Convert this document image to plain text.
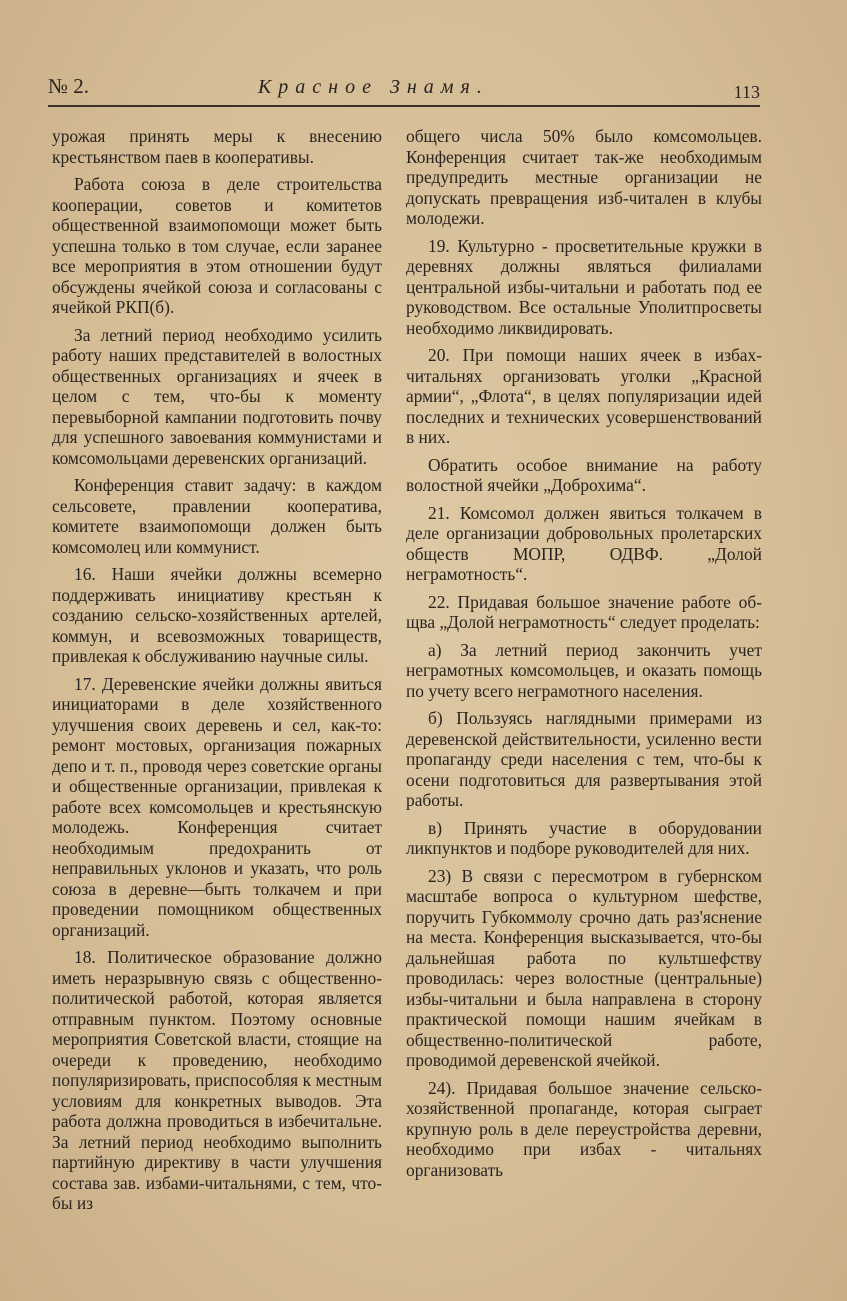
№ 2.	Красное Знамя.	113

урожая принять меры к внесению крестьянством паев в кооперативы.

Работа союза в деле строительства кооперации, советов и комитетов общественной взаимопомощи может быть успешна только в том случае, если заранее все мероприятия в этом отношении будут обсуждены ячейкой союза и согласованы с ячейкой РКП(б).

За летний период необходимо усилить работу наших представителей в волостных общественных организациях и ячеек в целом с тем, что-бы к моменту перевыборной кампании подготовить почву для успешного завоевания коммунистами и комсомольцами деревенских организаций.

Конференция ставит задачу: в каждом сельсовете, правлении кооператива, комитете взаимопомощи должен быть комсомолец или коммунист.

16. Наши ячейки должны всемерно поддерживать инициативу крестьян к созданию сельско-хозяйственных артелей, коммун, и всевозможных товариществ, привлекая к обслуживанию научные силы.

17. Деревенские ячейки должны явиться инициаторами в деле хозяйственного улучшения своих деревень и сел, как-то: ремонт мостовых, организация пожарных депо и т. п., проводя через советские органы и общественные организации, привлекая к работе всех комсомольцев и крестьянскую молодежь. Конференция считает необходимым предохранить от неправильных уклонов и указать, что роль союза в деревне—быть толкачем и при проведении помощником общественных организаций.

18. Политическое образование должно иметь неразрывную связь с общественно-политической работой, которая является отправным пунктом. Поэтому основные мероприятия Советской власти, стоящие на очереди к проведению, необходимо популяризировать, приспособляя к местным условиям для конкретных выводов. Эта работа должна проводиться в избечитальне. За летний период необходимо выполнить партийную директиву в части улучшения состава зав. избами-читальнями, с тем, что-бы из

общего числа 50% было комсомольцев. Конференция считает так-же необходимым предупредить местные организации не допускать превращения изб-читален в клубы молодежи.

19. Культурно - просветительные кружки в деревнях должны являться филиалами центральной избы-читальни и работать под ее руководством. Все остальные Уполитпросветы необходимо ликвидировать.

20. При помощи наших ячеек в избах-читальнях организовать уголки „Красной армии“, „Флота“, в целях популяризации идей последних и технических усовершенствований в них.

Обратить особое внимание на работу волостной ячейки „Доброхима“.

21. Комсомол должен явиться толкачем в деле организации добровольных пролетарских обществ МОПР, ОДВФ. „Долой неграмотность“.

22. Придавая большое значение работе об-щва „Долой неграмотность“ следует проделать:

а) За летний период закончить учет неграмотных комсомольцев, и оказать помощь по учету всего неграмотного населения.

б) Пользуясь наглядными примерами из деревенской действительности, усиленно вести пропаганду среди населения с тем, что-бы к осени подготовиться для развертывания этой работы.

в) Принять участие в оборудовании ликпунктов и подборе руководителей для них.

23) В связи с пересмотром в губернском масштабе вопроса о культурном шефстве, поручить Губкоммолу срочно дать раз'яснение на места. Конференция высказывается, что-бы дальнейшая работа по культшефству проводилась: через волостные (центральные) избы-читальни и была направлена в сторону практической помощи нашим ячейкам в общественно-политической работе, проводимой деревенской ячейкой.

24). Придавая большое значение сельско-хозяйственной пропаганде, которая сыграет крупную роль в деле переустройства деревни, необходимо при избах - читальнях организовать
